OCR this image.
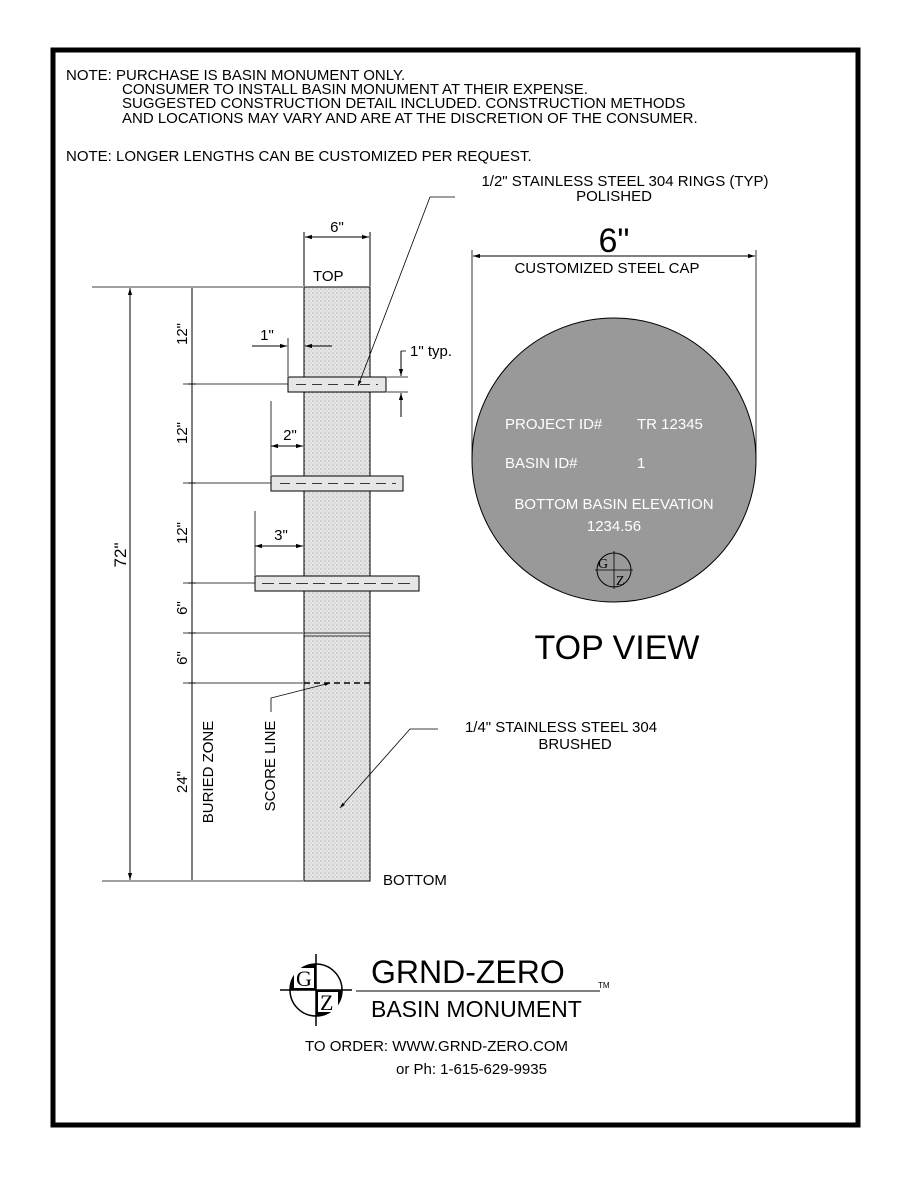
NOTE: PURCHASE IS BASIN MONUMENT ONLY.
CONSUMER TO INSTALL BASIN MONUMENT AT THEIR EXPENSE.
SUGGESTED CONSTRUCTION DETAIL INCLUDED. CONSTRUCTION METHODS
AND LOCATIONS MAY VARY AND ARE AT THE DISCRETION OF THE CONSUMER.
NOTE: LONGER LENGTHS CAN BE CUSTOMIZED PER REQUEST.
6"
TOP
BOTTOM
72"
12"
12"
12"
6"
6"
24" BURIED ZONE	SCORE LINE
1"
2"
3"
1" typ.
1/2" STAINLESS STEEL 304 RINGS (TYP)
POLISHED
1/4" STAINLESS STEEL 304
BRUSHED
6"
CUSTOMIZED STEEL CAP
PROJECT ID# TR 12345
BASIN ID#	1
BOTTOM BASIN ELEVATION
1234.56
G
Z
TOP VIEW
G
Z
GRND-ZERO	TM
BASIN MONUMENT
TO ORDER: WWW.GRND-ZERO.COM
or Ph: 1-615-629-9935
